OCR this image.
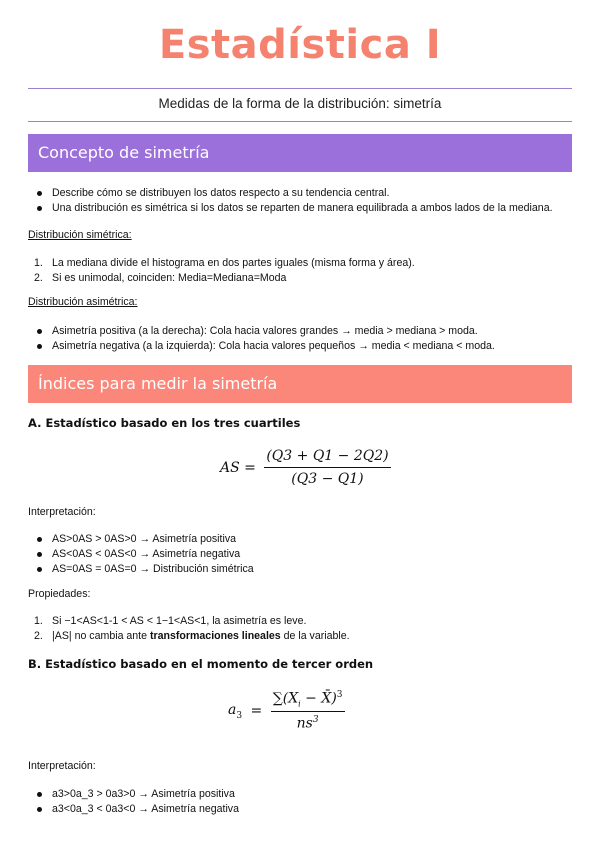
Estadística I
Medidas de la forma de la distribución: simetría
Concepto de simetría
Describe cómo se distribuyen los datos respecto a su tendencia central.
Una distribución es simétrica si los datos se reparten de manera equilibrada a ambos lados de la mediana.
Distribución simétrica:
1. La mediana divide el histograma en dos partes iguales (misma forma y área).
2. Si es unimodal, coinciden: Media=Mediana=Moda
Distribución asimétrica:
Asimetría positiva (a la derecha): Cola hacia valores grandes → media > mediana > moda.
Asimetría negativa (a la izquierda): Cola hacia valores pequeños → media < mediana < moda.
Índices para medir la simetría
A. Estadístico basado en los tres cuartiles
AS = $\frac{(Q3 + Q1 - 2Q2)}{(Q3 - Q1)}$
Interpretación:
AS>0AS > 0AS>0 → Asimetría positiva
AS<0AS < 0AS<0 → Asimetría negativa
AS=0AS = 0AS=0 → Distribución simétrica
Propiedades:
1. Si −1<AS<1-1 < AS < 1−1<AS<1, la asimetría es leve.
2. |AS| no cambia ante transformaciones lineales de la variable.
B. Estadístico basado en el momento de tercer orden
$a_3 = \frac{\sum(X_i - X̄)^3}{ns^3}$
Interpretación:
a3>0a_3 > 0a3>0 → Asimetría positiva
a3<0a_3 < 0a3<0 → Asimetría negativa
